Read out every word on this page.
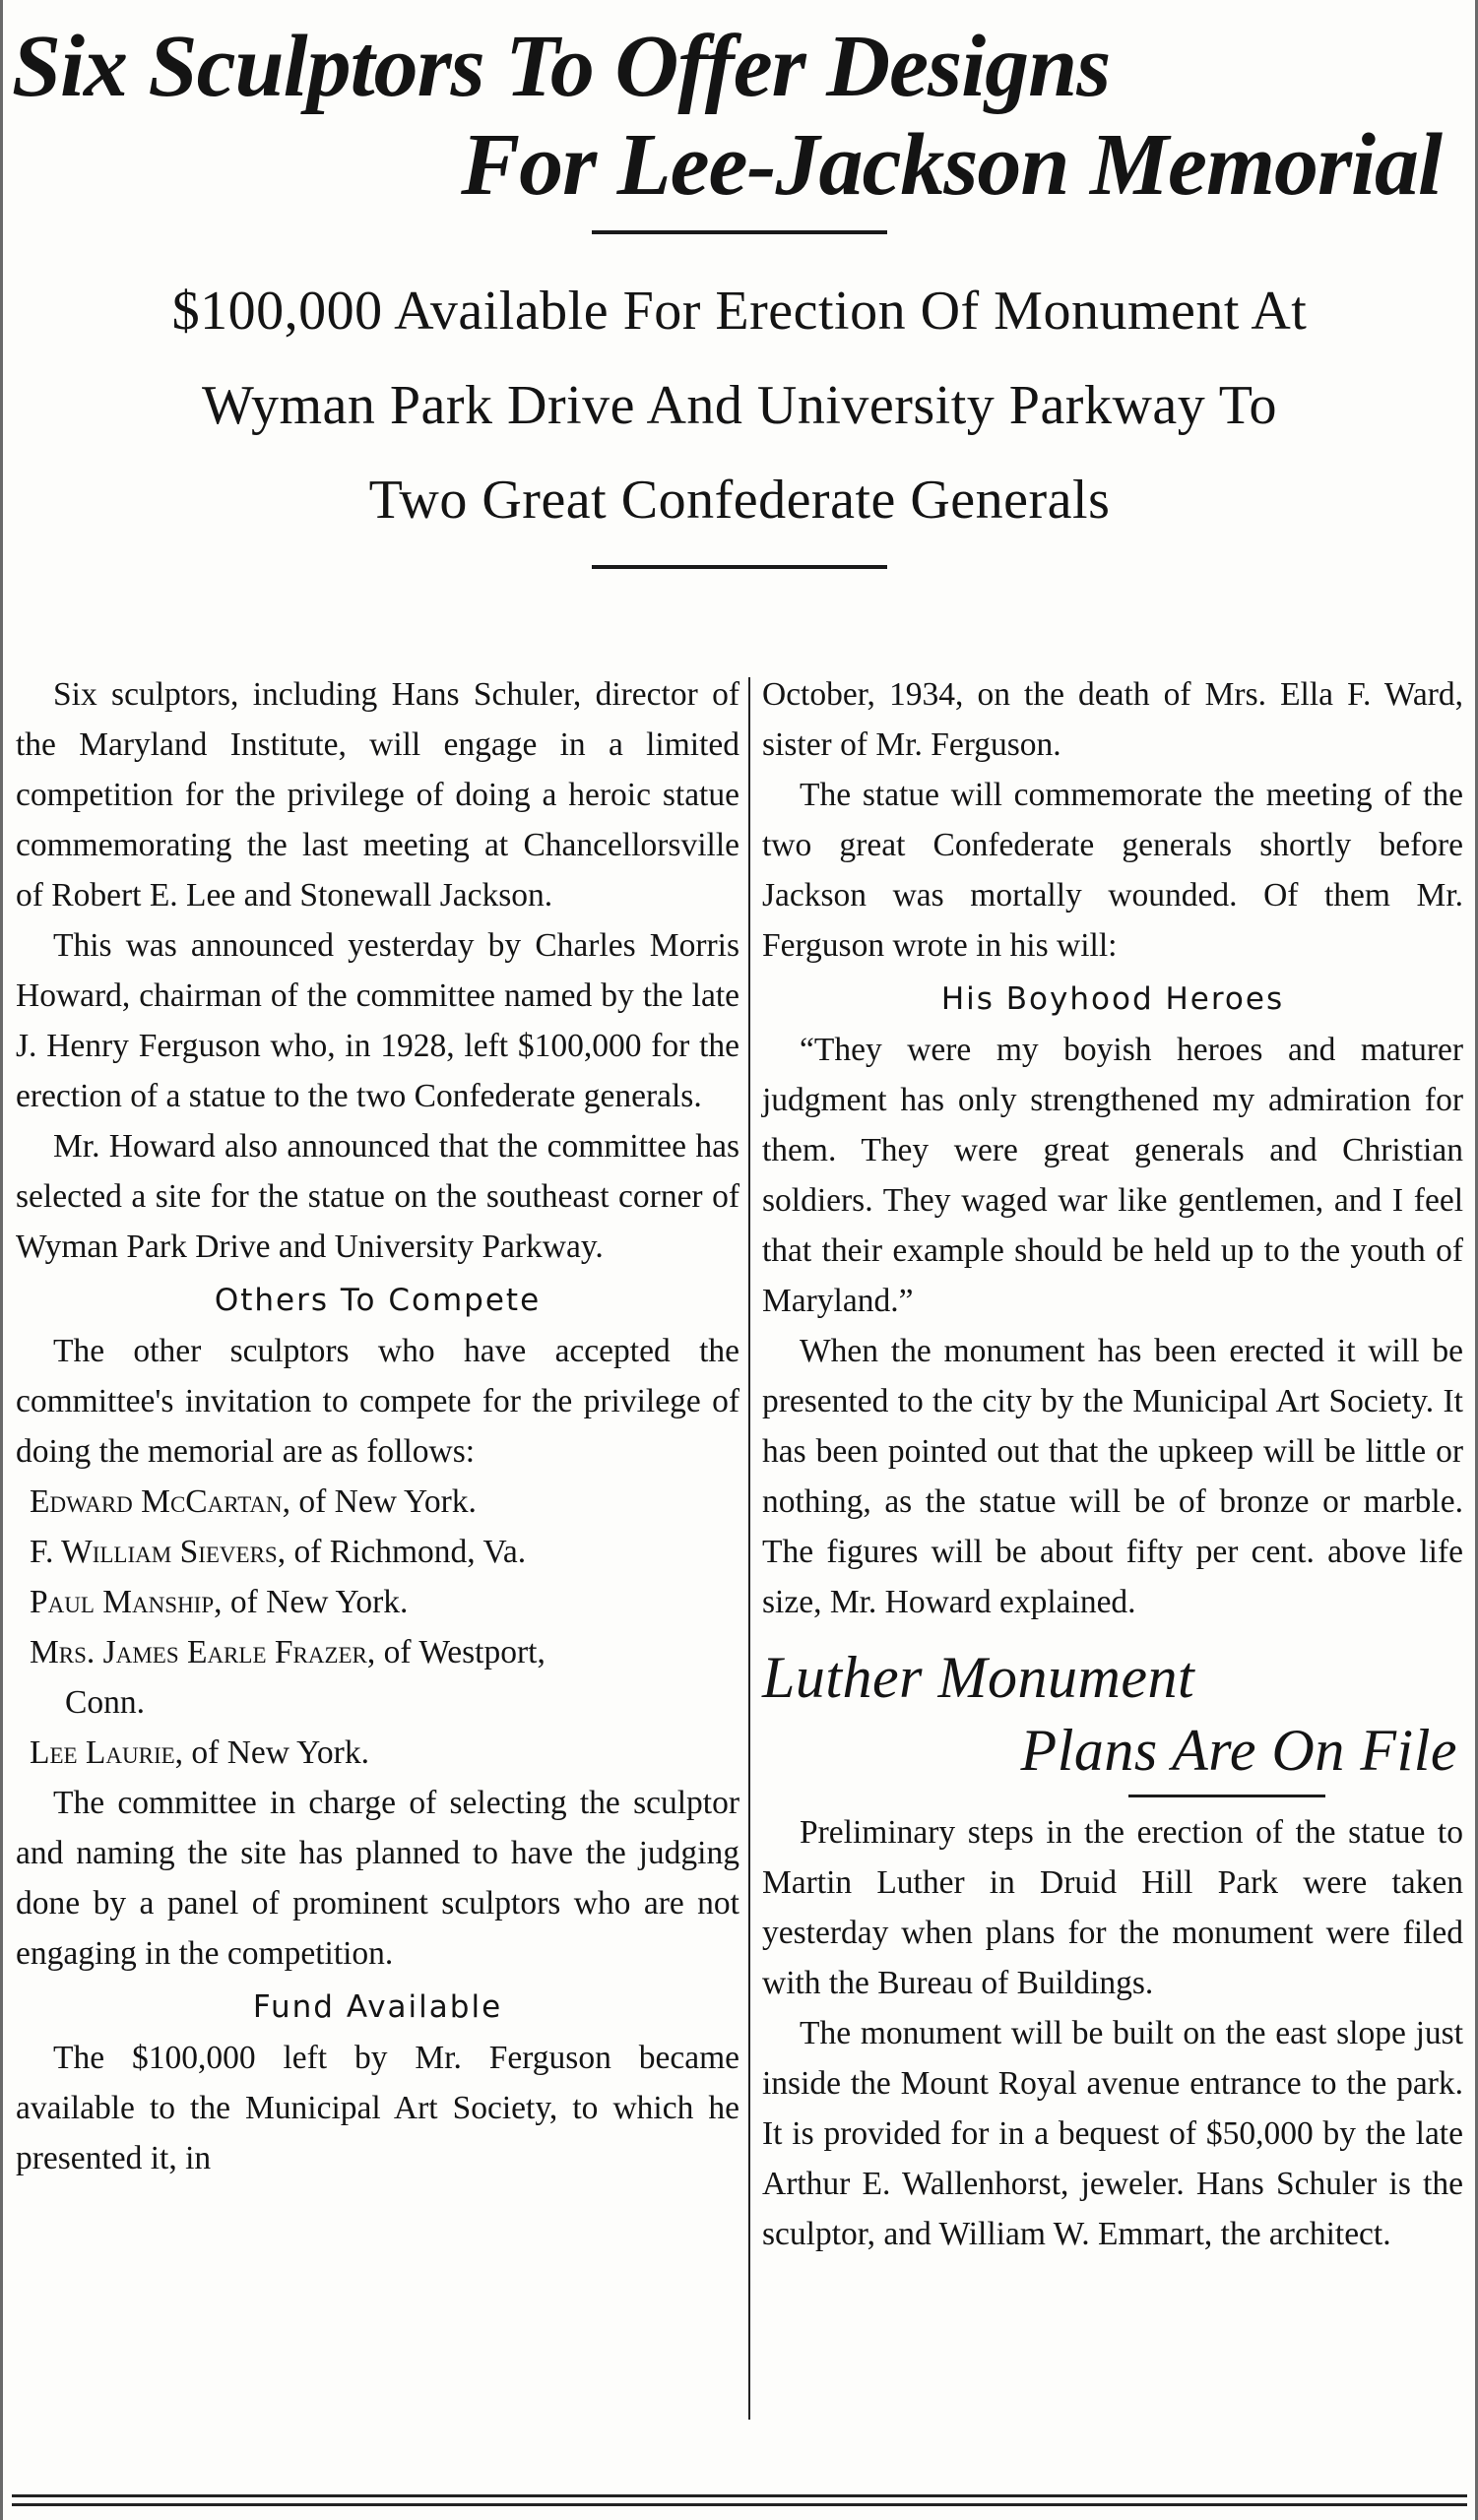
Six Sculptors To Offer Designs
For Lee-Jackson Memorial
$100,000 Available For Erection Of Monument At
Wyman Park Drive And University Parkway To
Two Great Confederate Generals

Six sculptors, including Hans Schuler, director of the Maryland Institute, will engage in a limited competition for the privilege of doing a heroic statue commemorating the last meeting at Chancellorsville of Robert E. Lee and Stonewall Jackson.

This was announced yesterday by Charles Morris Howard, chairman of the committee named by the late J. Henry Ferguson who, in 1928, left $100,000 for the erection of a statue to the two Confederate generals.

Mr. Howard also announced that the committee has selected a site for the statue on the southeast corner of Wyman Park Drive and University Parkway.

Others To Compete

The other sculptors who have accepted the committee's invitation to compete for the privilege of doing the memorial are as follows:

Edward McCartan, of New York.
F. William Sievers, of Richmond, Va.
Paul Manship, of New York.
Mrs. James Earle Frazer, of Westport,
Conn.
Lee Laurie, of New York.

The committee in charge of selecting the sculptor and naming the site has planned to have the judging done by a panel of prominent sculptors who are not engaging in the competition.

Fund Available

The $100,000 left by Mr. Ferguson became available to the Municipal Art Society, to which he presented it, in

October, 1934, on the death of Mrs. Ella F. Ward, sister of Mr. Ferguson.

The statue will commemorate the meeting of the two great Confederate generals shortly before Jackson was mortally wounded. Of them Mr. Ferguson wrote in his will:

His Boyhood Heroes

“They were my boyish heroes and maturer judgment has only strengthened my admiration for them. They were great generals and Christian soldiers. They waged war like gentlemen, and I feel that their example should be held up to the youth of Maryland.”

When the monument has been erected it will be presented to the city by the Municipal Art Society. It has been pointed out that the upkeep will be little or nothing, as the statue will be of bronze or marble. The figures will be about fifty per cent. above life size, Mr. Howard explained.

Luther Monument
Plans Are On File

Preliminary steps in the erection of the statue to Martin Luther in Druid Hill Park were taken yesterday when plans for the monument were filed with the Bureau of Buildings.

The monument will be built on the east slope just inside the Mount Royal avenue entrance to the park. It is provided for in a bequest of $50,000 by the late Arthur E. Wallenhorst, jeweler. Hans Schuler is the sculptor, and William W. Emmart, the architect.
